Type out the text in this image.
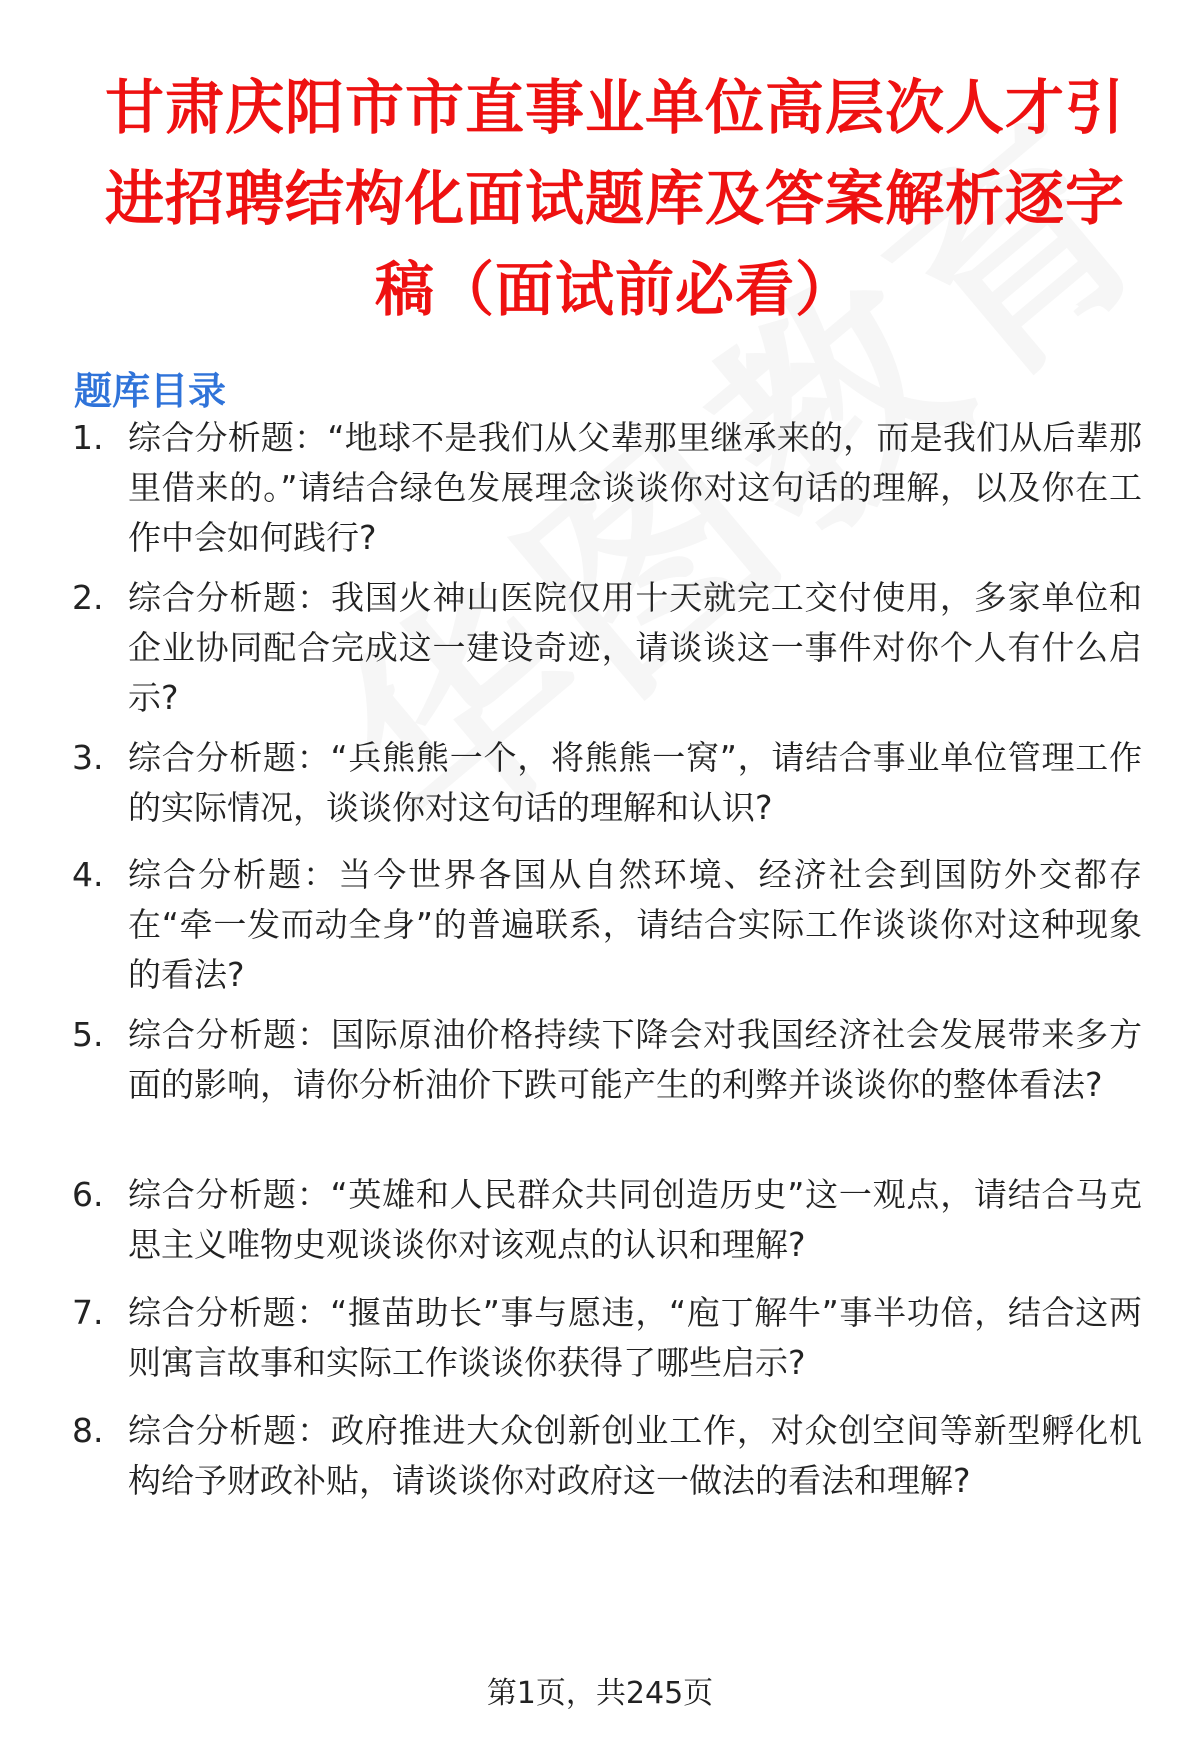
甘肃庆阳市市直事业单位高层次人才引进招聘结构化面试题库及答案解析逐字稿（面试前必看）
题库目录
1. 综合分析题：“地球不是我们从父辈那里继承来的，而是我们从后辈那里借来的。”请结合绿色发展理念谈谈你对这句话的理解，以及你在工作中会如何践行?
2. 综合分析题：我国火神山医院仅用十天就完工交付使用，多家单位和企业协同配合完成这一建设奇迹，请谈谈这一事件对你个人有什么启示?
3. 综合分析题：“兵熊熊一个，将熊熊一窝”，请结合事业单位管理工作的实际情况，谈谈你对这句话的理解和认识?
4. 综合分析题：当今世界各国从自然环境、经济社会到国防外交都存在“牵一发而动全身”的普遍联系，请结合实际工作谈谈你对这种现象的看法?
5. 综合分析题：国际原油价格持续下降会对我国经济社会发展带来多方面的影响，请你分析油价下跌可能产生的利弊并谈谈你的整体看法?
6. 综合分析题：“英雄和人民群众共同创造历史”这一观点，请结合马克思主义唯物史观谈谈你对该观点的认识和理解?
7. 综合分析题：“揠苗助长”事与愿违，“庖丁解牛”事半功倍，结合这两则寓言故事和实际工作谈谈你获得了哪些启示?
8. 综合分析题：政府推进大众创新创业工作，对众创空间等新型孵化机构给予财政补贴，请谈谈你对政府这一做法的看法和理解?
第1页，共245页
